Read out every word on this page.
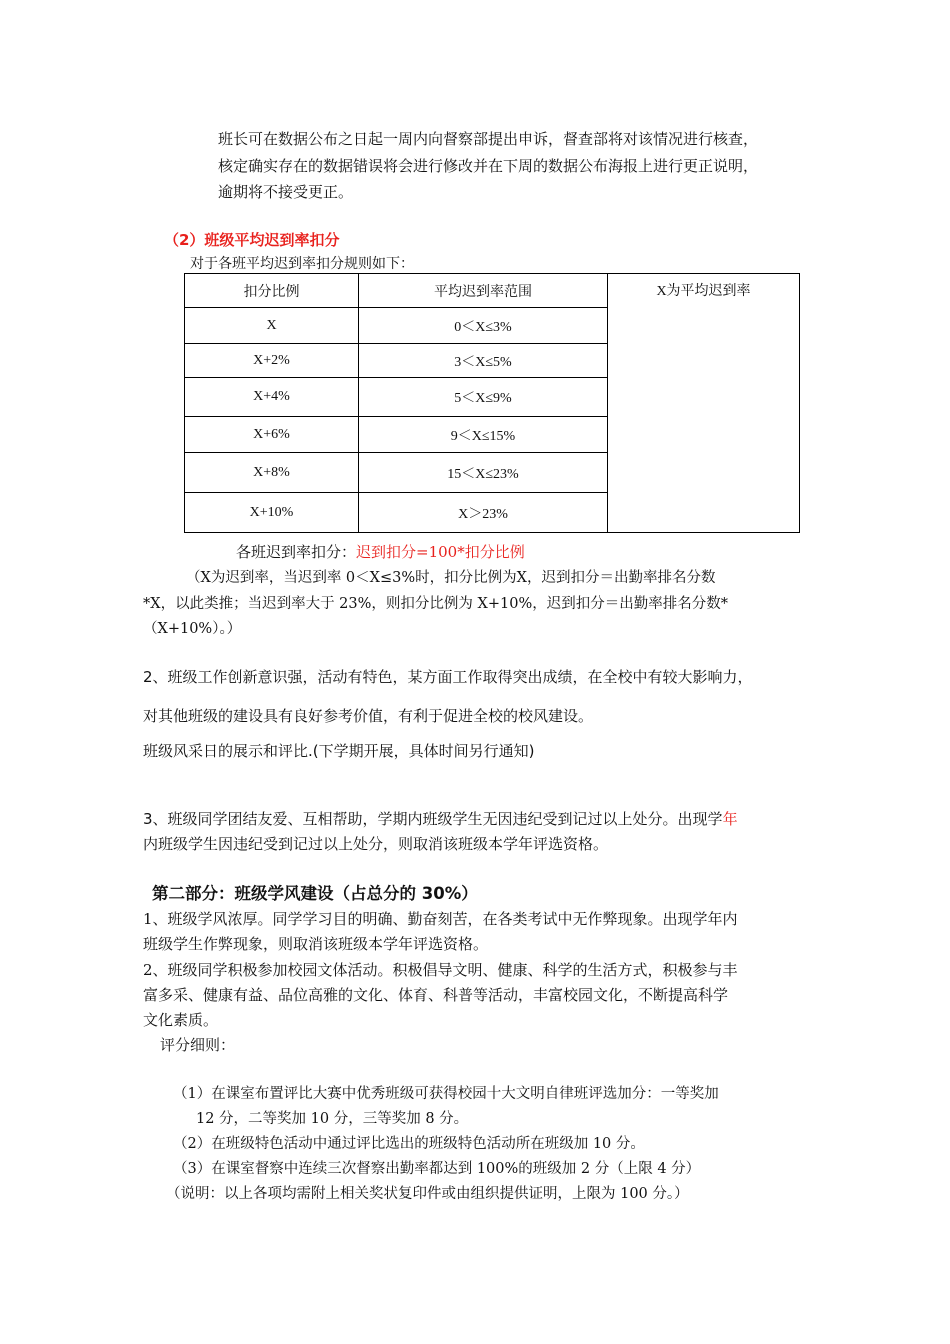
班长可在数据公布之日起一周内向督察部提出申诉，督查部将对该情况进行核查，
核定确实存在的数据错误将会进行修改并在下周的数据公布海报上进行更正说明，
逾期将不接受更正。
（2）班级平均迟到率扣分
对于各班平均迟到率扣分规则如下：
扣分比例	平均迟到率范围	X为平均迟到率
X	0＜X≤3%	
X+2%	3＜X≤5%	
X+4%	5＜X≤9%	
X+6%	9＜X≤15%	
X+8%	15＜X≤23%	
X+10%	X＞23%	
各班迟到率扣分：迟到扣分=100*扣分比例
（X为迟到率，当迟到率 0＜X≤3%时，扣分比例为X，迟到扣分＝出勤率排名分数
*X，以此类推；当迟到率大于 23%，则扣分比例为 X+10%，迟到扣分＝出勤率排名分数*
（X+10%）。）
2、班级工作创新意识强，活动有特色，某方面工作取得突出成绩，在全校中有较大影响力，
对其他班级的建设具有良好参考价值，有利于促进全校的校风建设。
班级风采日的展示和评比.(下学期开展，具体时间另行通知)
3、班级同学团结友爱、互相帮助，学期内班级学生无因违纪受到记过以上处分。出现学年
内班级学生因违纪受到记过以上处分，则取消该班级本学年评选资格。
第二部分：班级学风建设（占总分的 30%）
1、班级学风浓厚。同学学习目的明确、勤奋刻苦，在各类考试中无作弊现象。出现学年内
班级学生作弊现象，则取消该班级本学年评选资格。
2、班级同学积极参加校园文体活动。积极倡导文明、健康、科学的生活方式，积极参与丰
富多采、健康有益、品位高雅的文化、体育、科普等活动，丰富校园文化，不断提高科学
文化素质。
评分细则：
（1）在课室布置评比大赛中优秀班级可获得校园十大文明自律班评选加分：一等奖加
12 分，二等奖加 10 分，三等奖加 8 分。
（2）在班级特色活动中通过评比选出的班级特色活动所在班级加 10 分。
（3）在课室督察中连续三次督察出勤率都达到 100%的班级加 2 分（上限 4 分）
（说明：以上各项均需附上相关奖状复印件或由组织提供证明，上限为 100 分。）
